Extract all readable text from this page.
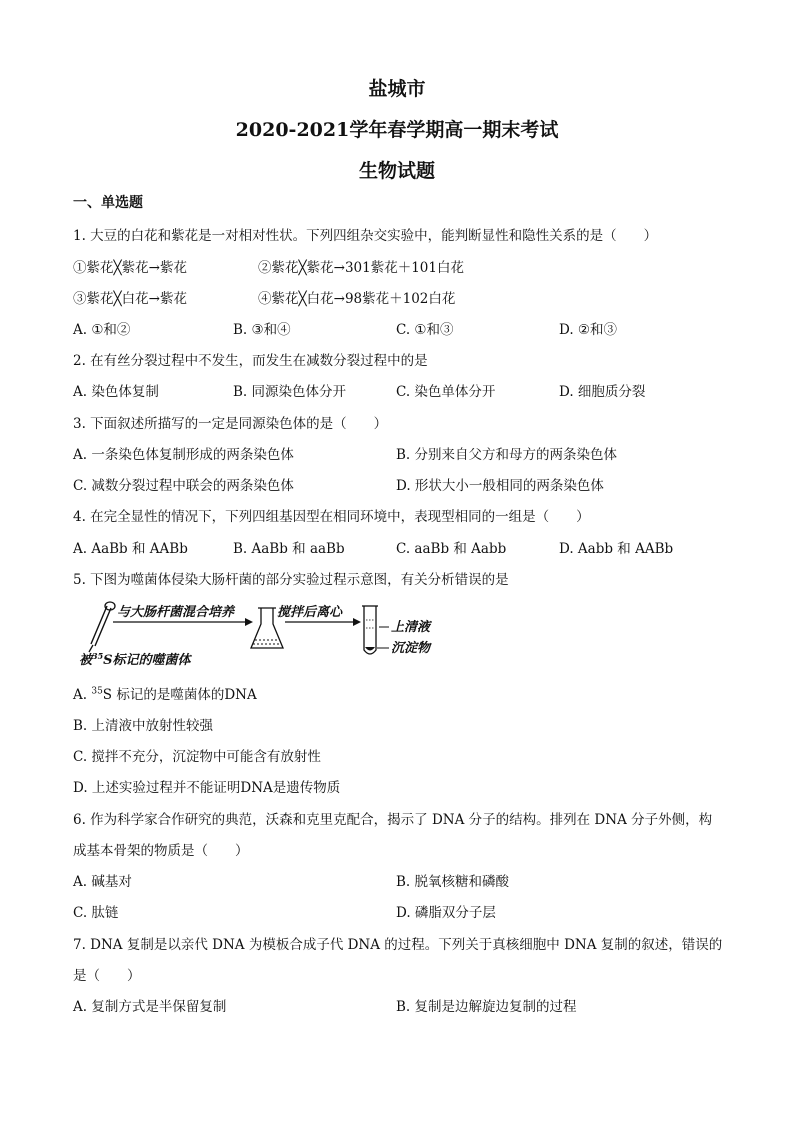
盐城市
2020-2021学年春学期高一期末考试
生物试题
一、单选题
1. 大豆的白花和紫花是一对相对性状。下列四组杂交实验中，能判断显性和隐性关系的是（　　）
①紫花╳紫花→紫花	②紫花╳紫花→301紫花＋101白花
③紫花╳白花→紫花	④紫花╳白花→98紫花＋102白花
A. ①和②	B. ③和④	C. ①和③	D. ②和③
2. 在有丝分裂过程中不发生，而发生在减数分裂过程中的是
A. 染色体复制	B. 同源染色体分开	C. 染色单体分开	D. 细胞质分裂
3. 下面叙述所描写的一定是同源染色体的是（　　）
A. 一条染色体复制形成的两条染色体	B. 分别来自父方和母方的两条染色体
C. 减数分裂过程中联会的两条染色体	D. 形状大小一般相同的两条染色体
4. 在完全显性的情况下，下列四组基因型在相同环境中，表现型相同的一组是（　　）
A. AaBb 和 AABb	B. AaBb 和 aaBb	C. aaBb 和 Aabb	D. Aabb 和 AABb
5. 下图为噬菌体侵染大肠杆菌的部分实验过程示意图，有关分析错误的是
与大肠杆菌混合培养	搅拌后离心
上清液
沉淀物
被$^{35}$S标记的噬菌体
A. $^{35}$S 标记的是噬菌体的DNA
B. 上清液中放射性较强
C. 搅拌不充分，沉淀物中可能含有放射性
D. 上述实验过程并不能证明DNA是遗传物质
6. 作为科学家合作研究的典范，沃森和克里克配合，揭示了 DNA 分子的结构。排列在 DNA 分子外侧，构
成基本骨架的物质是（　　）
A. 碱基对	B. 脱氧核糖和磷酸
C. 肽链	D. 磷脂双分子层
7. DNA 复制是以亲代 DNA 为模板合成子代 DNA 的过程。下列关于真核细胞中 DNA 复制的叙述，错误的
是（　　）
A. 复制方式是半保留复制	B. 复制是边解旋边复制的过程
